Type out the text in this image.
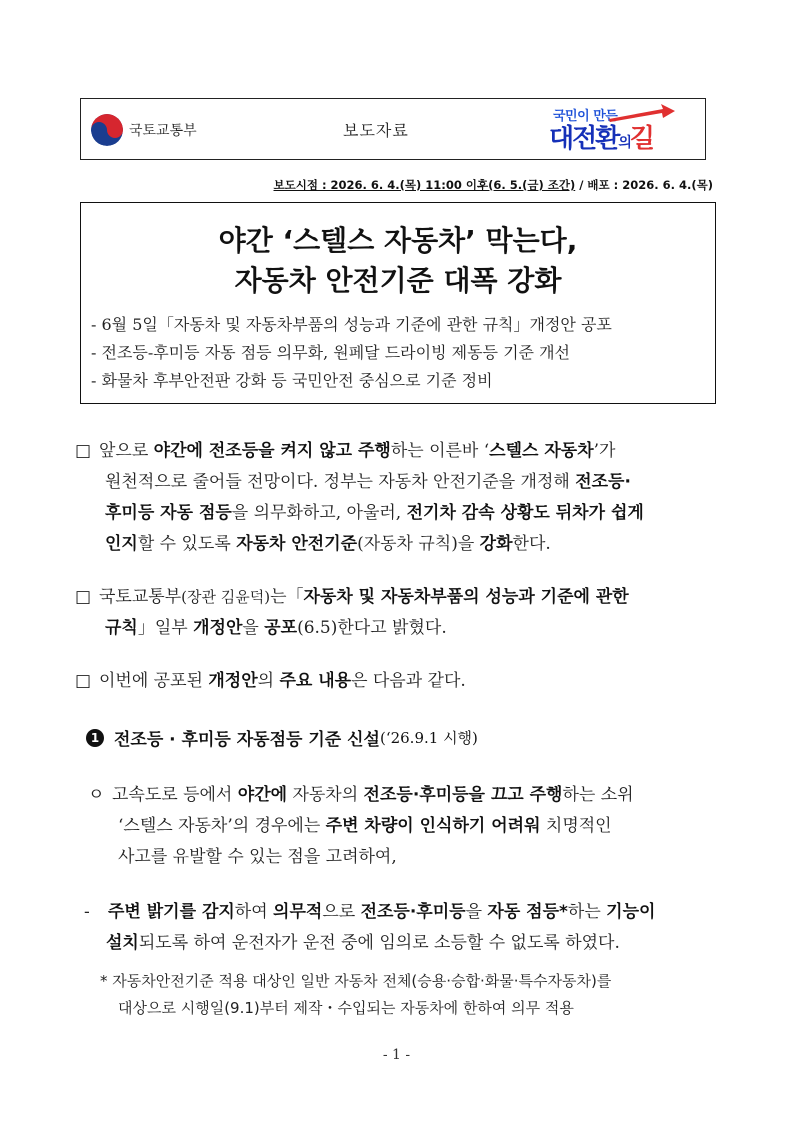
국토교통부	보도자료
국민이 만든
대전환의길
보도시점 : 2026. 6. 4.(목) 11:00 이후(6. 5.(금) 조간) / 배포 : 2026. 6. 4.(목)
야간 ‘스텔스 자동차’ 막는다,
자동차 안전기준 대폭 강화
- 6월 5일「자동차 및 자동차부품의 성능과 기준에 관한 규칙」개정안 공포
- 전조등-후미등 자동 점등 의무화, 원페달 드라이빙 제동등 기준 개선
- 화물차 후부안전판 강화 등 국민안전 중심으로 기준 정비
□ 앞으로 야간에 전조등을 켜지 않고 주행하는 이른바 ‘스텔스 자동차’가
원천적으로 줄어들 전망이다. 정부는 자동차 안전기준을 개정해 전조등·
후미등 자동 점등을 의무화하고, 아울러, 전기차 감속 상황도 뒤차가 쉽게
인지할 수 있도록 자동차 안전기준(자동차 규칙)을 강화한다.
□ 국토교통부(장관 김윤덕)는「자동차 및 자동차부품의 성능과 기준에 관한
규칙」일부 개정안을 공포(6.5)한다고 밝혔다.
□ 이번에 공포된 개정안의 주요 내용은 다음과 같다.
1 전조등 · 후미등 자동점등 기준 신설 (‘26.9.1 시행)
ㅇ 고속도로 등에서 야간에 자동차의 전조등·후미등을 끄고 주행하는 소위
‘스텔스 자동차’의 경우에는 주변 차량이 인식하기 어려워 치명적인
사고를 유발할 수 있는 점을 고려하여,
- 주변 밝기를 감지하여 의무적으로 전조등·후미등을 자동 점등*하는 기능이
설치되도록 하여 운전자가 운전 중에 임의로 소등할 수 없도록 하였다.
* 자동차안전기준 적용 대상인 일반 자동차 전체(승용·승합·화물·특수자동차)를
대상으로 시행일(9.1)부터 제작・수입되는 자동차에 한하여 의무 적용
- 1 -
